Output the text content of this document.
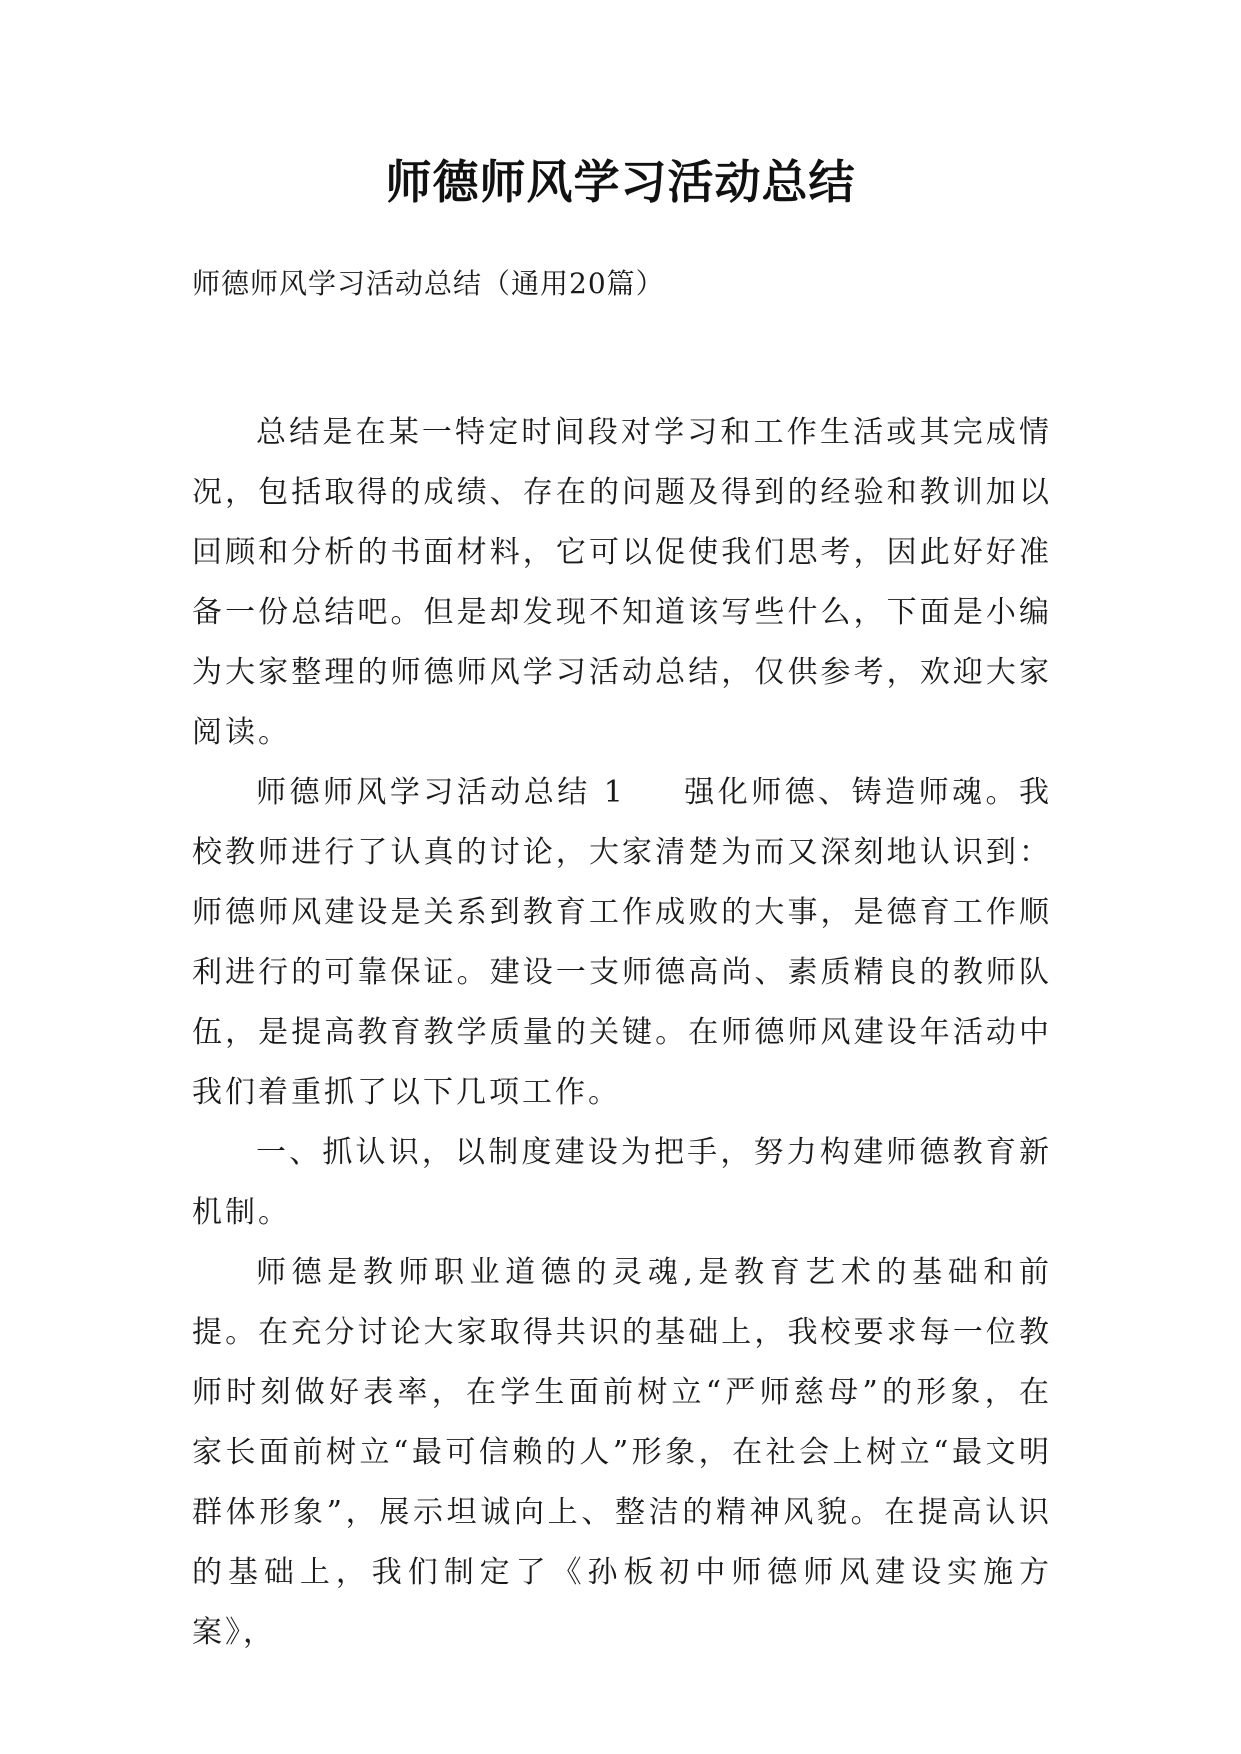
师德师风学习活动总结

师德师风学习活动总结（通用20篇）

总结是在某一特定时间段对学习和工作生活或其完成情况，包括取得的成绩、存在的问题及得到的经验和教训加以回顾和分析的书面材料，它可以促使我们思考，因此好好准备一份总结吧。但是却发现不知道该写些什么，下面是小编为大家整理的师德师风学习活动总结，仅供参考，欢迎大家阅读。

师德师风学习活动总结 1 强化师德、铸造师魂。我校教师进行了认真的讨论，大家清楚为而又深刻地认识到：师德师风建设是关系到教育工作成败的大事，是德育工作顺利进行的可靠保证。建设一支师德高尚、素质精良的教师队伍，是提高教育教学质量的关键。在师德师风建设年活动中我们着重抓了以下几项工作。

一、抓认识，以制度建设为把手，努力构建师德教育新机制。

师德是教师职业道德的灵魂,是教育艺术的基础和前提。在充分讨论大家取得共识的基础上，我校要求每一位教师时刻做好表率，在学生面前树立“严师慈母”的形象，在家长面前树立“最可信赖的人”形象，在社会上树立“最文明群体形象”，展示坦诚向上、整洁的精神风貌。在提高认识的基础上，我们制定了《孙板初中师德师风建设实施方案》，
